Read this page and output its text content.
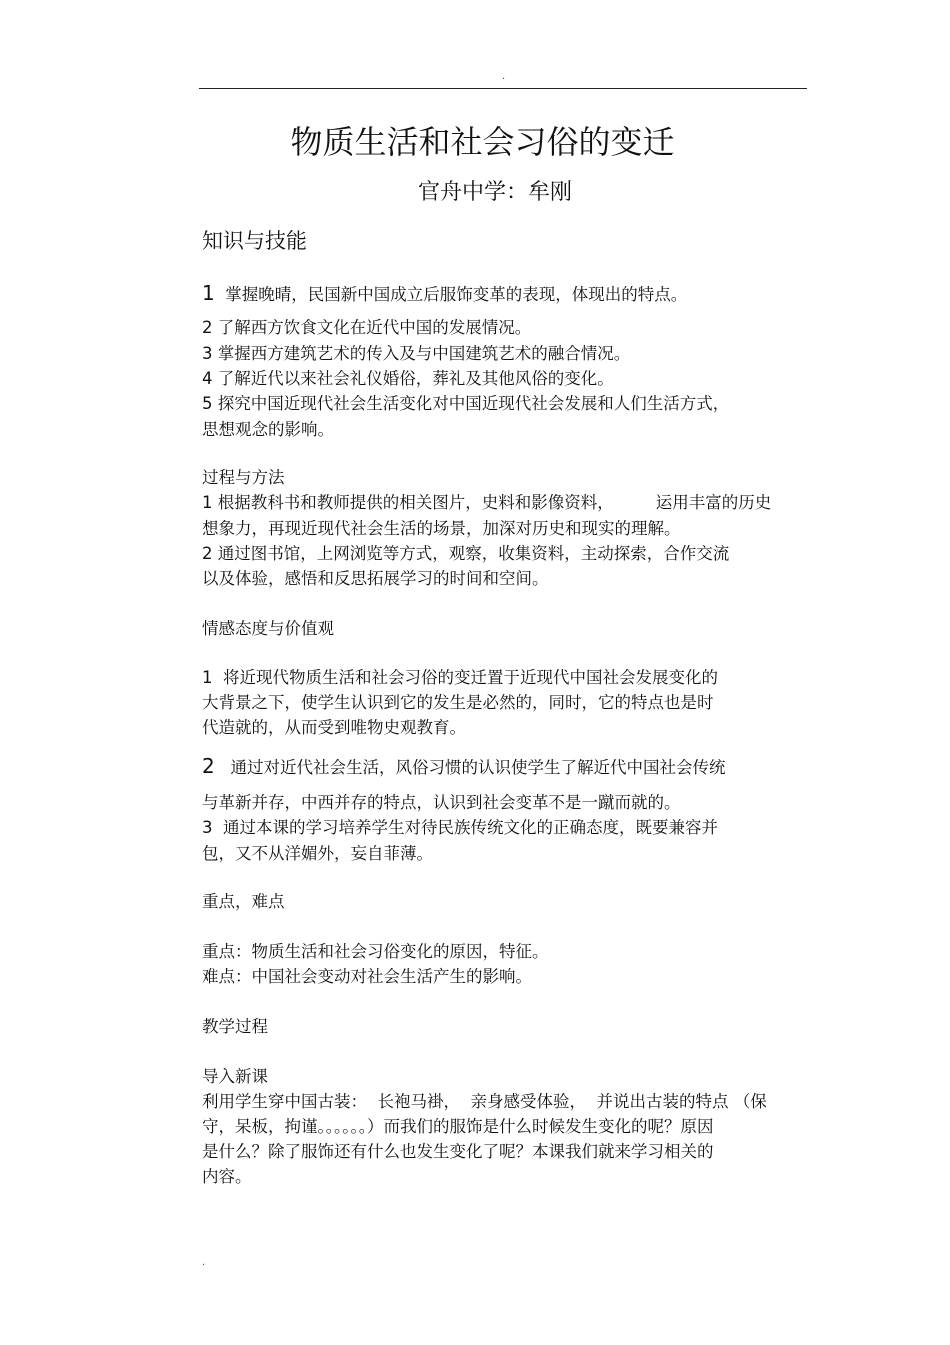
.
物质生活和社会习俗的变迁
官舟中学：牟刚
知识与技能
1 掌握晚晴，民国新中国成立后服饰变革的表现，体现出的特点。
2 了解西方饮食文化在近代中国的发展情况。
3 掌握西方建筑艺术的传入及与中国建筑艺术的融合情况。
4 了解近代以来社会礼仪婚俗，葬礼及其他风俗的变化。
5 探究中国近现代社会生活变化对中国近现代社会发展和人们生活方式，
思想观念的影响。
过程与方法
1 根据教科书和教师提供的相关图片，史料和影像资料，        运用丰富的历史
想象力，再现近现代社会生活的场景，加深对历史和现实的理解。
2 通过图书馆，上网浏览等方式，观察，收集资料，主动探索，合作交流
以及体验，感悟和反思拓展学习的时间和空间。
情感态度与价值观
1  将近现代物质生活和社会习俗的变迁置于近现代中国社会发展变化的
大背景之下，使学生认识到它的发生是必然的，同时，它的特点也是时
代造就的，从而受到唯物史观教育。
2 通过对近代社会生活，风俗习惯的认识使学生了解近代中国社会传统
与革新并存，中西并存的特点，认识到社会变革不是一蹴而就的。
3  通过本课的学习培养学生对待民族传统文化的正确态度，既要兼容并
包，又不从洋媚外，妄自菲薄。
重点，难点
重点：物质生活和社会习俗变化的原因，特征。
难点：中国社会变动对社会生活产生的影响。
教学过程
导入新课
利用学生穿中国古装：  长袍马褂，  亲身感受体验，  并说出古装的特点 （保
守，呆板，拘谨。。。。。。）而我们的服饰是什么时候发生变化的呢？原因
是什么？除了服饰还有什么也发生变化了呢？本课我们就来学习相关的
内容。
.
